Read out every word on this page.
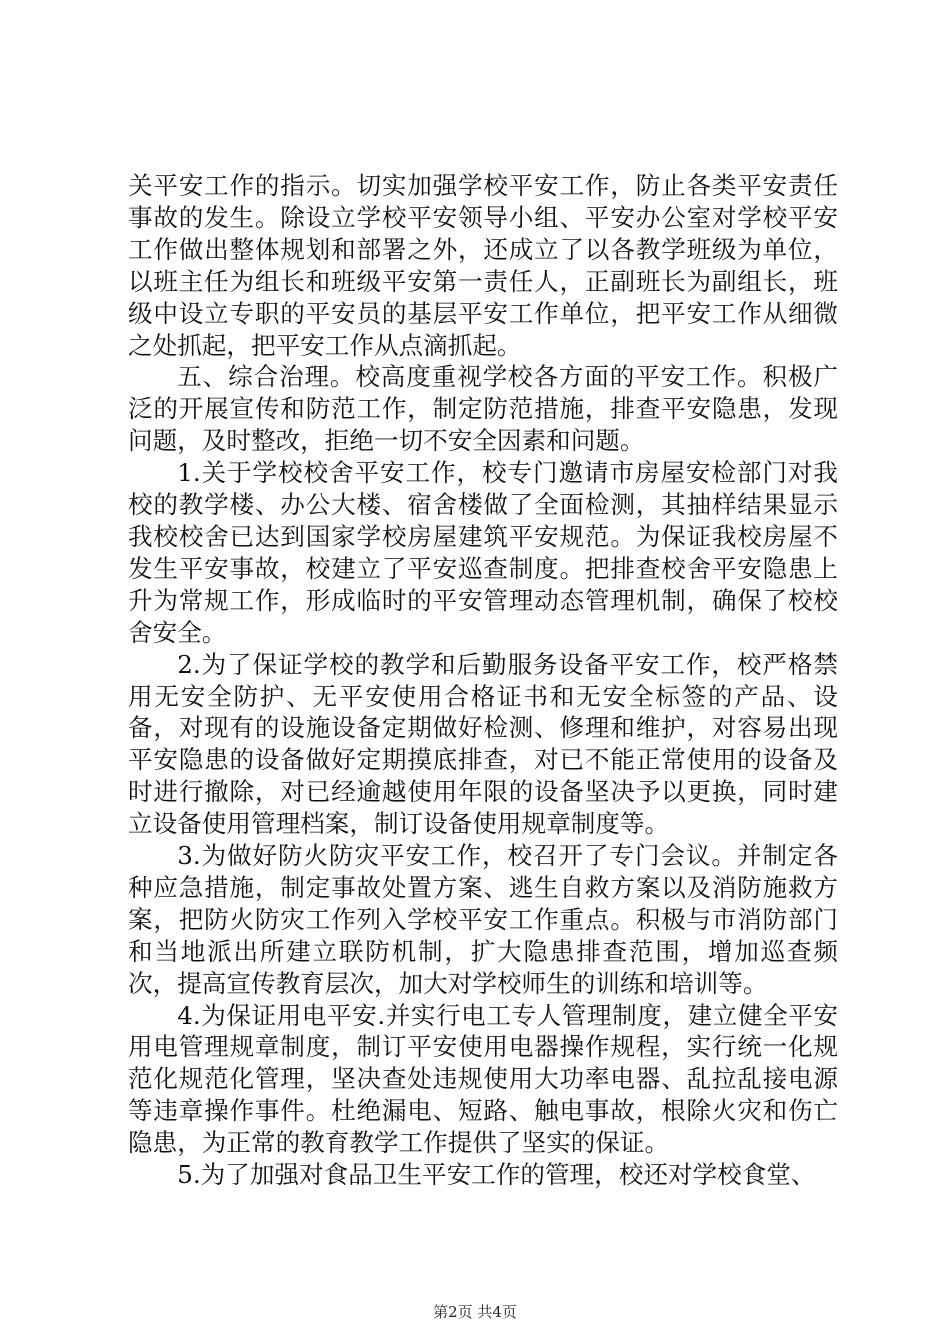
关平安工作的指示。切实加强学校平安工作，防止各类平安责任事故的发生。除设立学校平安领导小组、平安办公室对学校平安工作做出整体规划和部署之外，还成立了以各教学班级为单位，以班主任为组长和班级平安第一责任人，正副班长为副组长，班级中设立专职的平安员的基层平安工作单位，把平安工作从细微之处抓起，把平安工作从点滴抓起。

五、综合治理。校高度重视学校各方面的平安工作。积极广泛的开展宣传和防范工作，制定防范措施，排查平安隐患，发现问题，及时整改，拒绝一切不安全因素和问题。

1.关于学校校舍平安工作，校专门邀请市房屋安检部门对我校的教学楼、办公大楼、宿舍楼做了全面检测，其抽样结果显示我校校舍已达到国家学校房屋建筑平安规范。为保证我校房屋不发生平安事故，校建立了平安巡查制度。把排查校舍平安隐患上升为常规工作，形成临时的平安管理动态管理机制，确保了校校舍安全。

2.为了保证学校的教学和后勤服务设备平安工作，校严格禁用无安全防护、无平安使用合格证书和无安全标签的产品、设备，对现有的设施设备定期做好检测、修理和维护，对容易出现平安隐患的设备做好定期摸底排查，对已不能正常使用的设备及时进行撤除，对已经逾越使用年限的设备坚决予以更换，同时建立设备使用管理档案，制订设备使用规章制度等。

3.为做好防火防灾平安工作，校召开了专门会议。并制定各种应急措施，制定事故处置方案、逃生自救方案以及消防施救方案，把防火防灾工作列入学校平安工作重点。积极与市消防部门和当地派出所建立联防机制，扩大隐患排查范围，增加巡查频次，提高宣传教育层次，加大对学校师生的训练和培训等。

4.为保证用电平安.并实行电工专人管理制度，建立健全平安用电管理规章制度，制订平安使用电器操作规程，实行统一化规范化规范化管理，坚决查处违规使用大功率电器、乱拉乱接电源等违章操作事件。杜绝漏电、短路、触电事故，根除火灾和伤亡隐患，为正常的教育教学工作提供了坚实的保证。

5.为了加强对食品卫生平安工作的管理，校还对学校食堂、

第2页 共4页
